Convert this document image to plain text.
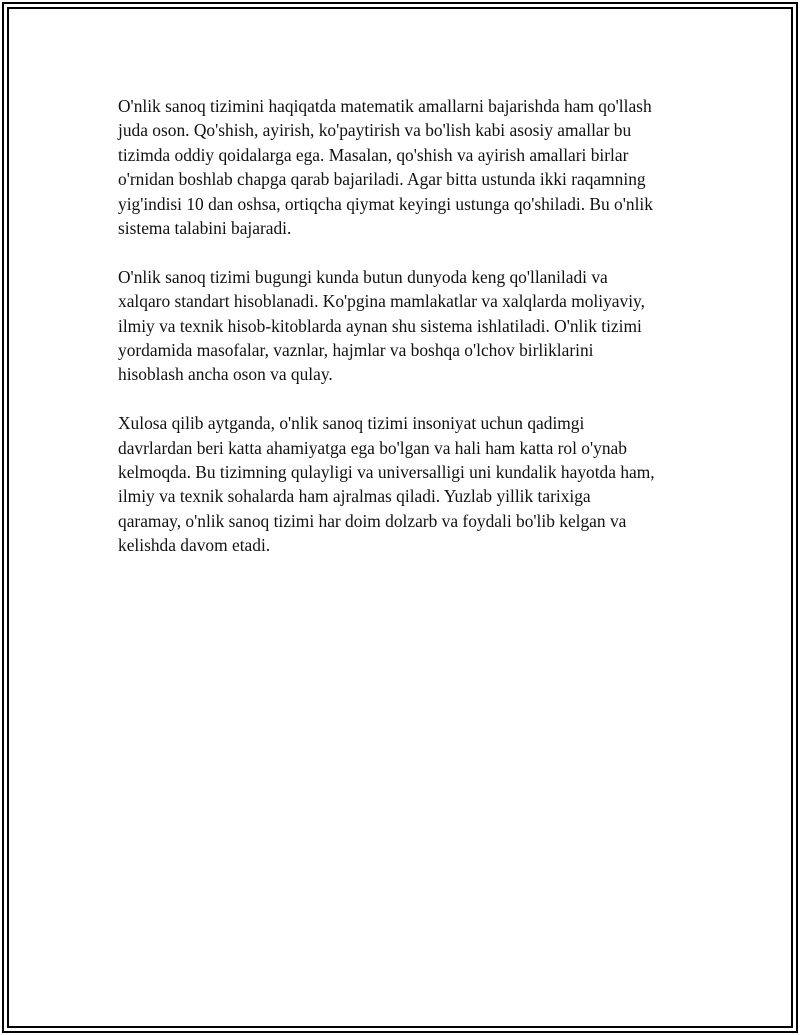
O'nlik sanoq tizimini haqiqatda matematik amallarni bajarishda ham qo'llash
juda oson. Qo'shish, ayirish, ko'paytirish va bo'lish kabi asosiy amallar bu
tizimda oddiy qoidalarga ega. Masalan, qo'shish va ayirish amallari birlar
o'rnidan boshlab chapga qarab bajariladi. Agar bitta ustunda ikki raqamning
yig'indisi 10 dan oshsa, ortiqcha qiymat keyingi ustunga qo'shiladi. Bu o'nlik
sistema talabini bajaradi.

O'nlik sanoq tizimi bugungi kunda butun dunyoda keng qo'llaniladi va
xalqaro standart hisoblanadi. Ko'pgina mamlakatlar va xalqlarda moliyaviy,
ilmiy va texnik hisob-kitoblarda aynan shu sistema ishlatiladi. O'nlik tizimi
yordamida masofalar, vaznlar, hajmlar va boshqa o'lchov birliklarini
hisoblash ancha oson va qulay.

Xulosa qilib aytganda, o'nlik sanoq tizimi insoniyat uchun qadimgi
davrlardan beri katta ahamiyatga ega bo'lgan va hali ham katta rol o'ynab
kelmoqda. Bu tizimning qulayligi va universalligi uni kundalik hayotda ham,
ilmiy va texnik sohalarda ham ajralmas qiladi. Yuzlab yillik tarixiga
qaramay, o'nlik sanoq tizimi har doim dolzarb va foydali bo'lib kelgan va
kelishda davom etadi.
